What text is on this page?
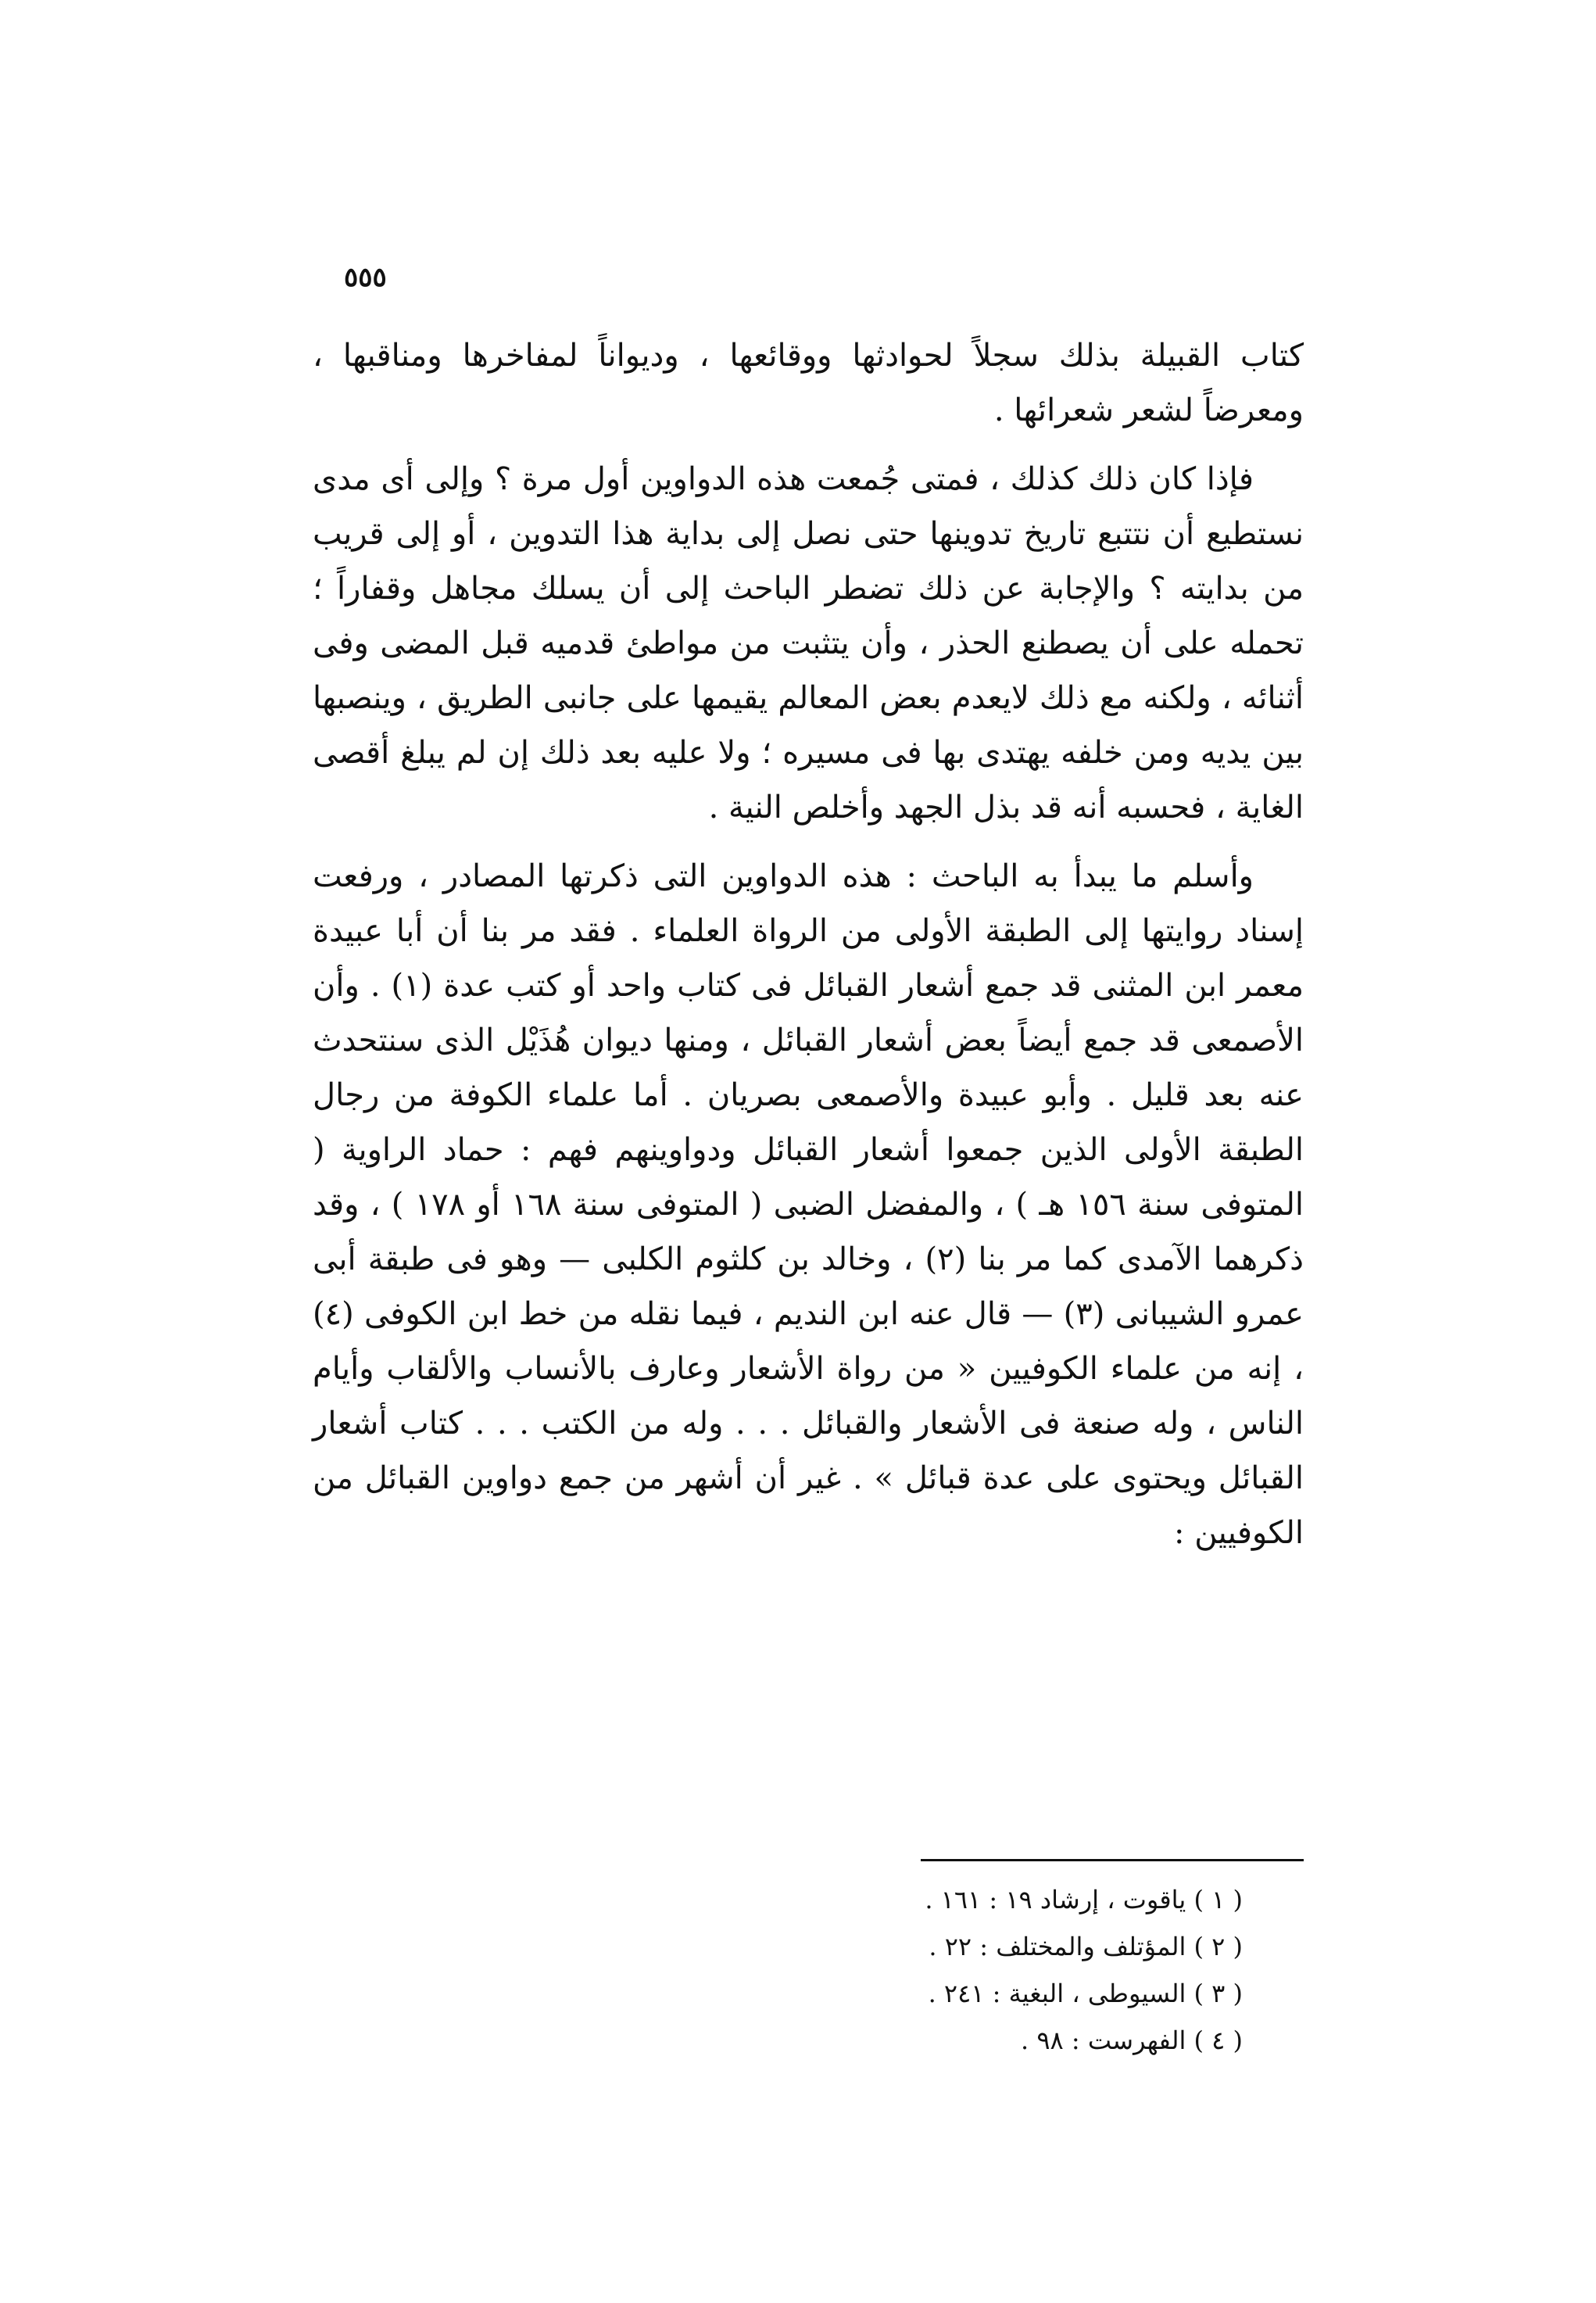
٥٥٥

كتاب القبيلة بذلك سجلاً لحوادثها ووقائعها ، وديواناً لمفاخرها ومناقبها ، ومعرضاً لشعر شعرائها .

فإذا كان ذلك كذلك ، فمتى جُمعت هذه الدواوين أول مرة ؟ وإلى أى مدى نستطيع أن نتتبع تاريخ تدوينها حتى نصل إلى بداية هذا التدوين ، أو إلى قريب من بدايته ؟ والإجابة عن ذلك تضطر الباحث إلى أن يسلك مجاهل وقفاراً ؛ تحمله على أن يصطنع الحذر ، وأن يتثبت من مواطئ قدميه قبل المضى وفى أثنائه ، ولكنه مع ذلك لايعدم بعض المعالم يقيمها على جانبى الطريق ، وينصبها بين يديه ومن خلفه يهتدى بها فى مسيره ؛ ولا عليه بعد ذلك إن لم يبلغ أقصى الغاية ، فحسبه أنه قد بذل الجهد وأخلص النية .

وأسلم ما يبدأ به الباحث : هذه الدواوين التى ذكرتها المصادر ، ورفعت إسناد روايتها إلى الطبقة الأولى من الرواة العلماء . فقد مر بنا أن أبا عبيدة معمر ابن المثنى قد جمع أشعار القبائل فى كتاب واحد أو كتب عدة (١) . وأن الأصمعى قد جمع أيضاً بعض أشعار القبائل ، ومنها ديوان هُذَيْل الذى سنتحدث عنه بعد قليل . وأبو عبيدة والأصمعى بصريان . أما علماء الكوفة من رجال الطبقة الأولى الذين جمعوا أشعار القبائل ودواوينهم فهم : حماد الراوية ( المتوفى سنة ١٥٦ هـ ) ، والمفضل الضبى ( المتوفى سنة ١٦٨ أو ١٧٨ ) ، وقد ذكرهما الآمدى كما مر بنا (٢) ، وخالد بن كلثوم الكلبى — وهو فى طبقة أبى عمرو الشيبانى (٣) — قال عنه ابن النديم ، فيما نقله من خط ابن الكوفى (٤) ، إنه من علماء الكوفيين « من رواة الأشعار وعارف بالأنساب والألقاب وأيام الناس ، وله صنعة فى الأشعار والقبائل . . . وله من الكتب . . . كتاب أشعار القبائل ويحتوى على عدة قبائل » . غير أن أشهر من جمع دواوين القبائل من الكوفيين :

( ١ ) ياقوت ، إرشاد ١٩ : ١٦١ .
( ٢ ) المؤتلف والمختلف : ٢٢ .
( ٣ ) السيوطى ، البغية : ٢٤١ .
( ٤ ) الفهرست : ٩٨ .
